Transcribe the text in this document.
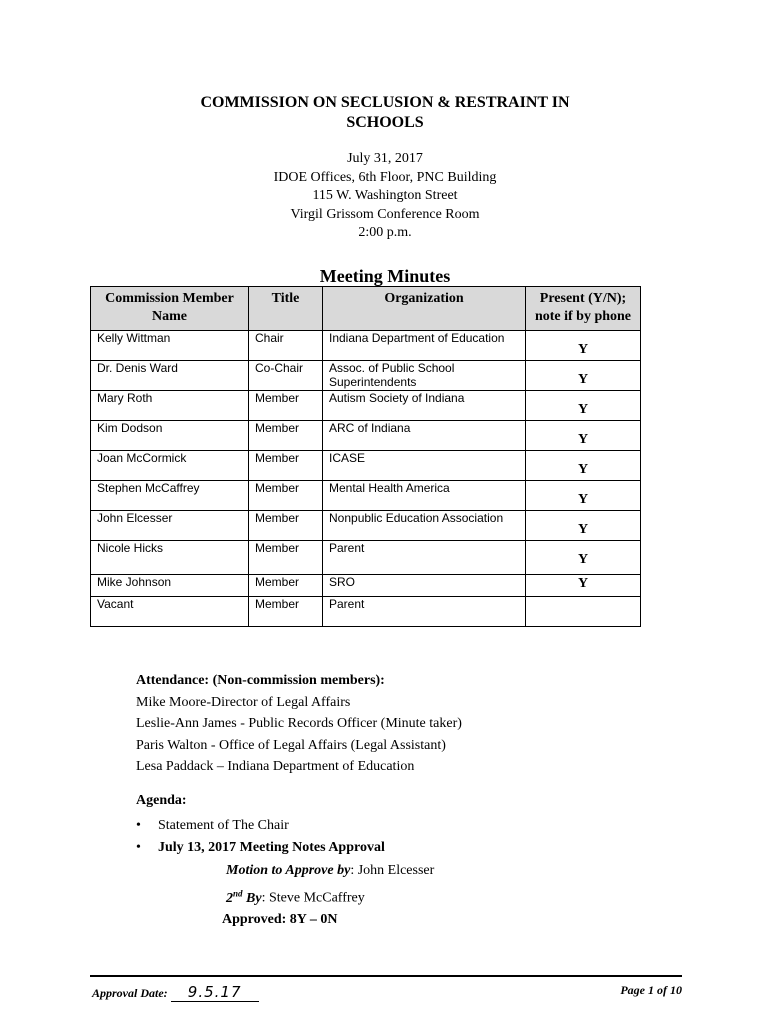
COMMISSION ON SECLUSION & RESTRAINT IN
SCHOOLS
July 31, 2017
IDOE Offices, 6th Floor, PNC Building
115 W. Washington Street
Virgil Grissom Conference Room
2:00 p.m.
Meeting Minutes
Commission Member Name	Title	Organization	Present (Y/N); note if by phone
Kelly Wittman	Chair	Indiana Department of Education	Y

Dr. Denis Ward	Co-Chair	Assoc. of Public School Superintendents	Y

Mary Roth	Member	Autism Society of Indiana	Y

Kim Dodson	Member	ARC of Indiana	Y

Joan McCormick	Member	ICASE	Y

Stephen McCaffrey	Member	Mental Health America	Y

John Elcesser	Member	Nonpublic Education Association	Y

Nicole Hicks	Member	Parent	Y

Mike Johnson	Member	SRO	Y

Vacant	Member	Parent	
Attendance: (Non-commission members):
Mike Moore-Director of Legal Affairs
Leslie-Ann James - Public Records Officer (Minute taker)
Paris Walton - Office of Legal Affairs (Legal Assistant)
Lesa Paddack – Indiana Department of Education
Agenda:
•	Statement of The Chair
•	July 13, 2017 Meeting Notes Approval
Motion to Approve by: John Elcesser
2nd By: Steve McCaffrey
Approved: 8Y – 0N
Approval Date: 9.5.17	Page 1 of 10
